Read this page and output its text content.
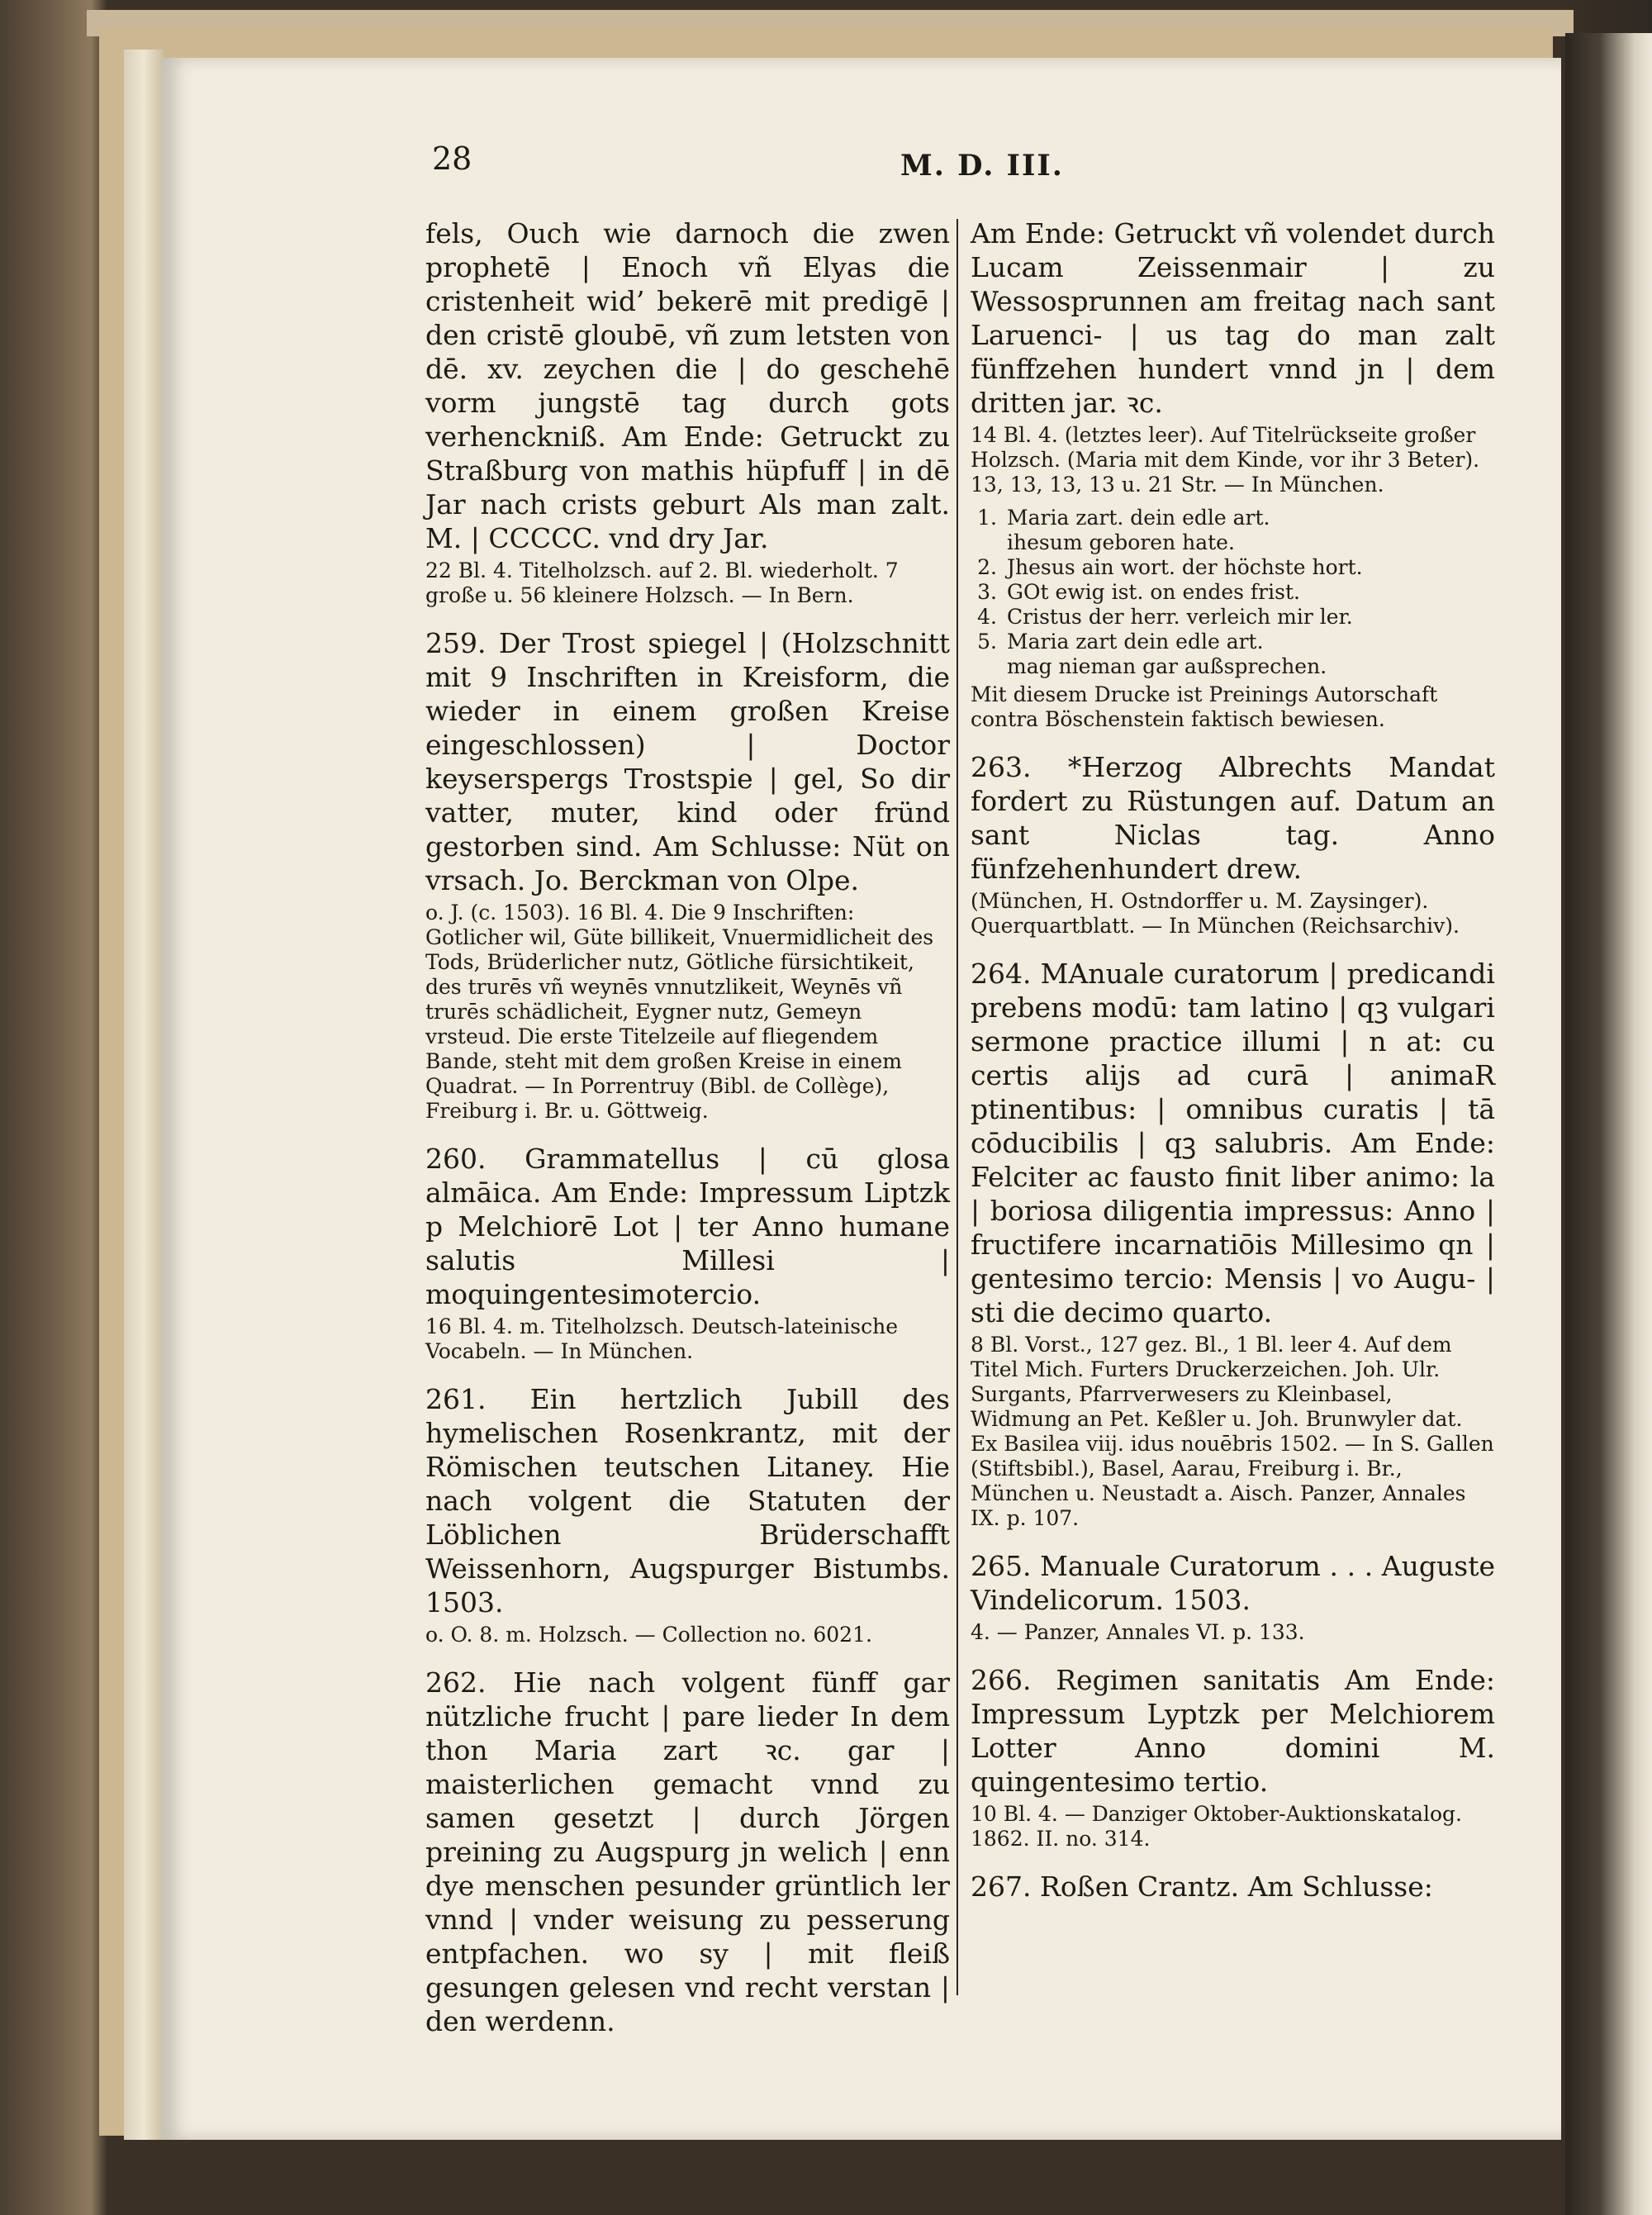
28	M. D. III.

fels, Ouch wie darnoch die zwen prophetē | Enoch vñ Elyas die cristenheit wid’ bekerē mit predigē | den cristē gloubē, vñ zum letsten von dē. xv. zeychen die | do geschehē vorm jungstē tag durch gots verhenckniß. Am Ende: Getruckt zu Straßburg von mathis hüpfuff | in dē Jar nach crists geburt Als man zalt. M. | CCCCC. vnd dry Jar.

22 Bl. 4. Titelholzsch. auf 2. Bl. wiederholt. 7 große u. 56 kleinere Holzsch. — In Bern.

259. Der Trost spiegel | (Holzschnitt mit 9 Inschriften in Kreisform, die wieder in einem großen Kreise eingeschlossen) | Doctor keyserspergs Trostspie | gel, So dir vatter, muter, kind oder fründ gestorben sind. Am Schlusse: Nüt on vrsach. Jo. Berckman von Olpe.

o. J. (c. 1503). 16 Bl. 4. Die 9 Inschriften: Gotlicher wil, Güte billikeit, Vnuermidlicheit des Tods, Brüderlicher nutz, Götliche fürsichtikeit, des trurēs vñ weynēs vnnutzlikeit, Weynēs vñ trurēs schädlicheit, Eygner nutz, Gemeyn vrsteud. Die erste Titelzeile auf fliegendem Bande, steht mit dem großen Kreise in einem Quadrat. — In Porrentruy (Bibl. de Collège), Freiburg i. Br. u. Göttweig.

260. Grammatellus | cū glosa almāica. Am Ende: Impressum Liptzk p Melchiorē Lot | ter Anno humane salutis Millesi | moquingentesimotercio.

16 Bl. 4. m. Titelholzsch. Deutsch-lateinische Vocabeln. — In München.

261. Ein hertzlich Jubill des hymelischen Rosenkrantz, mit der Römischen teutschen Litaney. Hie nach volgent die Statuten der Löblichen Brüderschafft Weissenhorn, Augspurger Bistumbs. 1503.

o. O. 8. m. Holzsch. — Collection no. 6021.

262. Hie nach volgent fünff gar nützliche frucht | pare lieder In dem thon Maria zart ꝛc. gar | maisterlichen gemacht vnnd zu samen gesetzt | durch Jörgen preining zu Augspurg jn welich | enn dye menschen pesunder grüntlich ler vnnd | vnder weisung zu pesserung entpfachen. wo sy | mit fleiß gesungen gelesen vnd recht verstan | den werdenn.

Am Ende: Getruckt vñ volendet durch Lucam Zeissenmair | zu Wessosprunnen am freitag nach sant Laruenci- | us tag do man zalt fünffzehen hundert vnnd jn | dem dritten jar. ꝛc.

14 Bl. 4. (letztes leer). Auf Titelrückseite großer Holzsch. (Maria mit dem Kinde, vor ihr 3 Beter). 13, 13, 13, 13 u. 21 Str. — In München.

1. Maria zart. dein edle art.
ihesum geboren hate.
2. Jhesus ain wort. der höchste hort.
3. GOt ewig ist. on endes frist.
4. Cristus der herr. verleich mir ler.
5. Maria zart dein edle art.
mag nieman gar außsprechen.

Mit diesem Drucke ist Preinings Autorschaft contra Böschenstein faktisch bewiesen.

263. *Herzog Albrechts Mandat fordert zu Rüstungen auf. Datum an sant Niclas tag. Anno fünfzehenhundert drew.

(München, H. Ostndorffer u. M. Zaysinger). Querquartblatt. — In München (Reichsarchiv).

264. MAnuale curatorum | predicandi prebens modū: tam latino | qꝫ vulgari sermone practice illumi | n at: cu certis alijs ad curā | animaR ptinentibus: | omnibus curatis | tā cōducibilis | qꝫ salubris. Am Ende: Felciter ac fausto finit liber animo: la | boriosa diligentia impressus: Anno | fructifere incarnatiōis Millesimo qn | gentesimo tercio: Mensis | vo Augu- | sti die decimo quarto.

8 Bl. Vorst., 127 gez. Bl., 1 Bl. leer 4. Auf dem Titel Mich. Furters Druckerzeichen. Joh. Ulr. Surgants, Pfarrverwesers zu Kleinbasel, Widmung an Pet. Keßler u. Joh. Brunwyler dat. Ex Basilea viij. idus nouēbris 1502. — In S. Gallen (Stiftsbibl.), Basel, Aarau, Freiburg i. Br., München u. Neustadt a. Aisch. Panzer, Annales IX. p. 107.

265. Manuale Curatorum . . . Auguste Vindelicorum. 1503.

4. — Panzer, Annales VI. p. 133.

266. Regimen sanitatis Am Ende: Impressum Lyptzk per Melchiorem Lotter Anno domini M. quingentesimo tertio.

10 Bl. 4. — Danziger Oktober-Auktionskatalog. 1862. II. no. 314.

267. Roßen Crantz. Am Schlusse:
